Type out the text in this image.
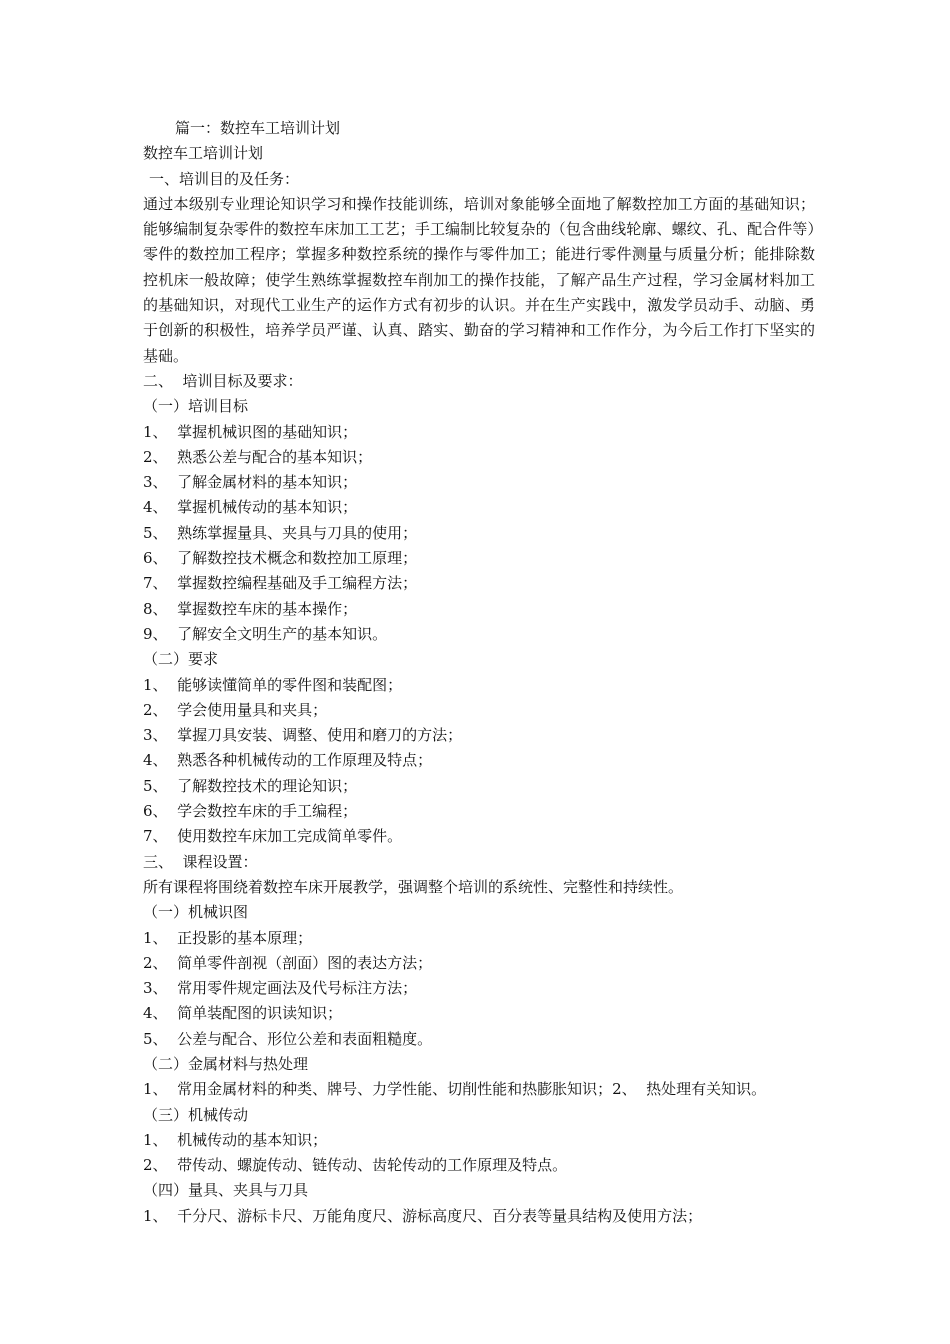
篇一：数控车工培训计划
数控车工培训计划
一、培训目的及任务：
通过本级别专业理论知识学习和操作技能训练，培训对象能够全面地了解数控加工方面的基础知识；能够编制复杂零件的数控车床加工工艺；手工编制比较复杂的（包含曲线轮廓、螺纹、孔、配合件等）零件的数控加工程序；掌握多种数控系统的操作与零件加工；能进行零件测量与质量分析；能排除数控机床一般故障；使学生熟练掌握数控车削加工的操作技能，了解产品生产过程，学习金属材料加工的基础知识，对现代工业生产的运作方式有初步的认识。并在生产实践中，激发学员动手、动脑、勇于创新的积极性，培养学员严谨、认真、踏实、勤奋的学习精神和工作作分，为今后工作打下坚实的基础。
二、  培训目标及要求：
（一）培训目标
1、  掌握机械识图的基础知识；
2、  熟悉公差与配合的基本知识；
3、  了解金属材料的基本知识；
4、  掌握机械传动的基本知识；
5、  熟练掌握量具、夹具与刀具的使用；
6、  了解数控技术概念和数控加工原理；
7、  掌握数控编程基础及手工编程方法；
8、  掌握数控车床的基本操作；
9、  了解安全文明生产的基本知识。
（二）要求
1、  能够读懂简单的零件图和装配图；
2、  学会使用量具和夹具；
3、  掌握刀具安装、调整、使用和磨刀的方法；
4、  熟悉各种机械传动的工作原理及特点；
5、  了解数控技术的理论知识；
6、  学会数控车床的手工编程；
7、  使用数控车床加工完成简单零件。
三、  课程设置：
所有课程将围绕着数控车床开展教学，强调整个培训的系统性、完整性和持续性。
（一）机械识图
1、  正投影的基本原理；
2、  简单零件剖视（剖面）图的表达方法；
3、  常用零件规定画法及代号标注方法；
4、  简单装配图的识读知识；
5、  公差与配合、形位公差和表面粗糙度。
（二）金属材料与热处理
1、  常用金属材料的种类、牌号、力学性能、切削性能和热膨胀知识；2、  热处理有关知识。
（三）机械传动
1、  机械传动的基本知识；
2、  带传动、螺旋传动、链传动、齿轮传动的工作原理及特点。
（四）量具、夹具与刀具
1、  千分尺、游标卡尺、万能角度尺、游标高度尺、百分表等量具结构及使用方法；
